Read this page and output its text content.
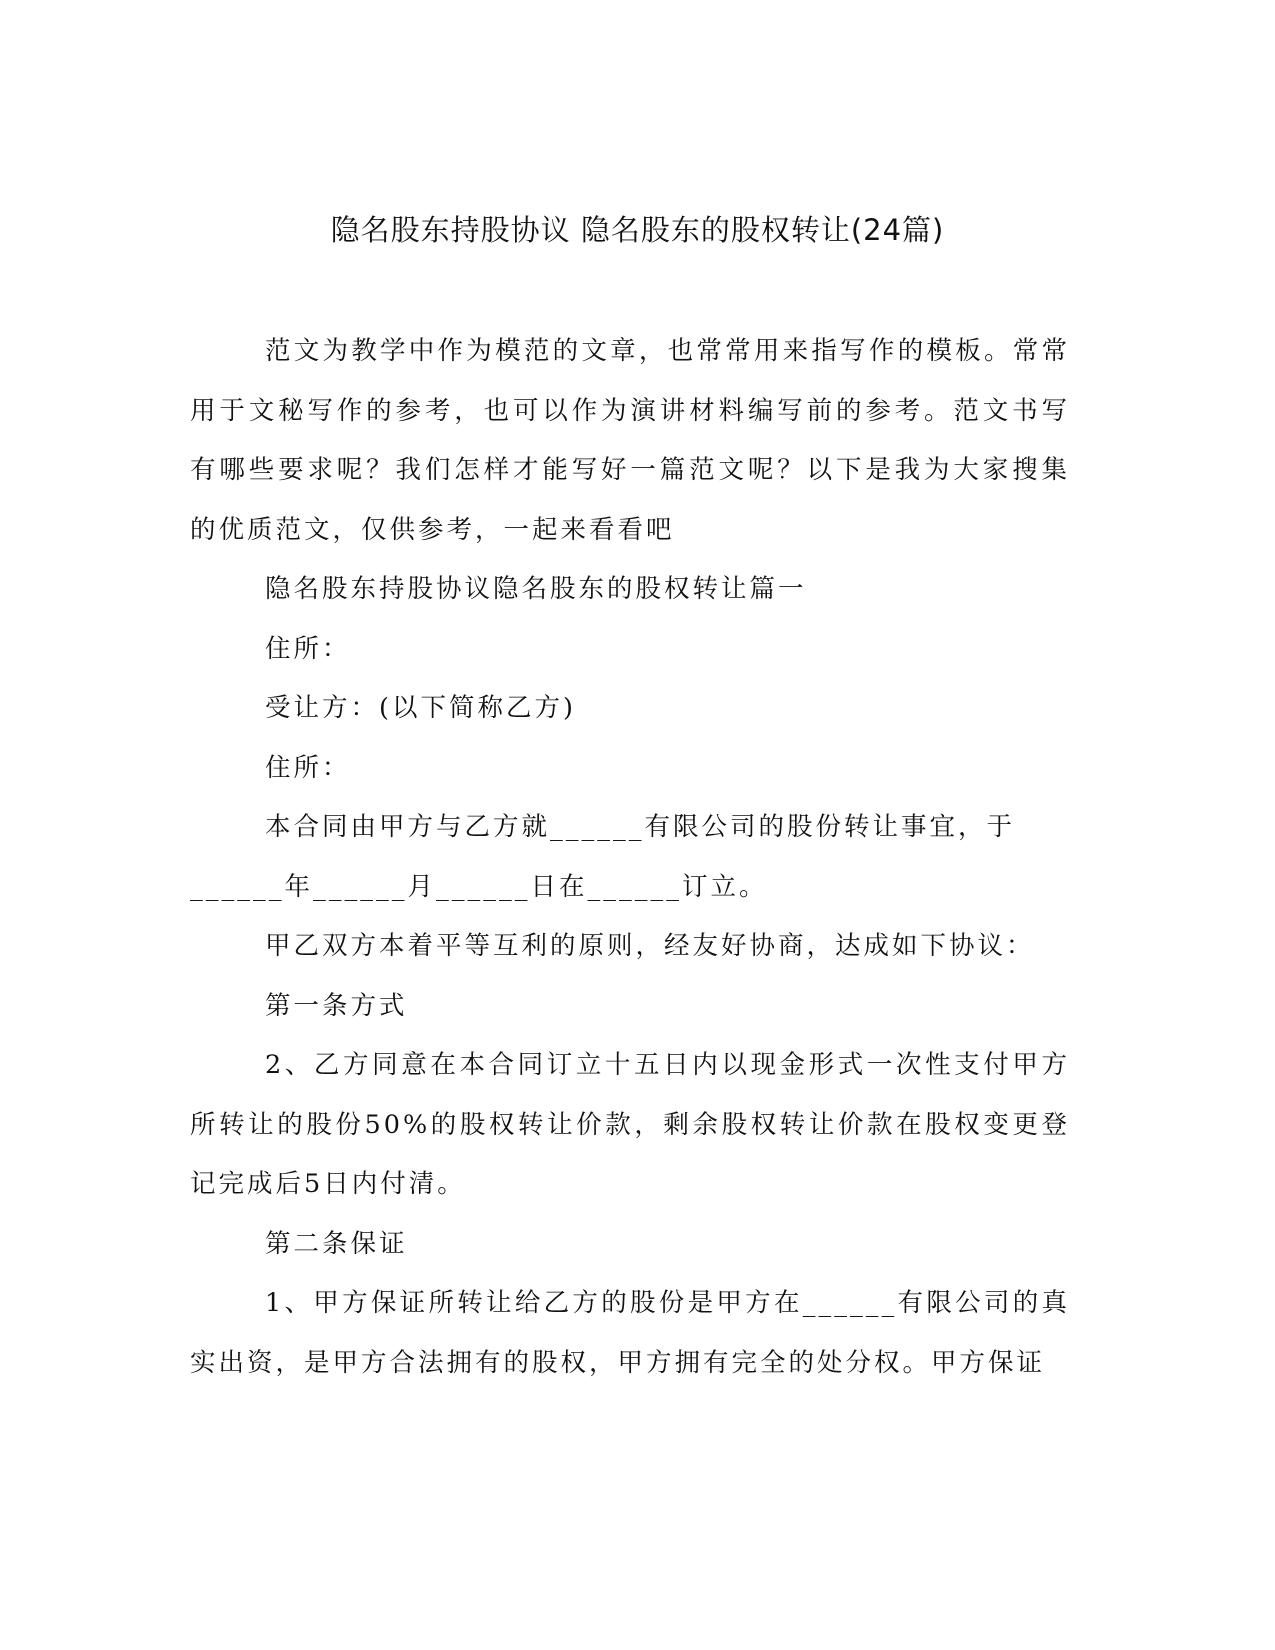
隐名股东持股协议 隐名股东的股权转让(24篇)

范文为教学中作为模范的文章，也常常用来指写作的模板。常常用于文秘写作的参考，也可以作为演讲材料编写前的参考。范文书写有哪些要求呢？我们怎样才能写好一篇范文呢？以下是我为大家搜集的优质范文，仅供参考，一起来看看吧

隐名股东持股协议隐名股东的股权转让篇一

住所：

受让方：(以下简称乙方)

住所：

本合同由甲方与乙方就______有限公司的股份转让事宜，于

______年______月______日在______订立。

甲乙双方本着平等互利的原则，经友好协商，达成如下协议：

第一条方式

2、乙方同意在本合同订立十五日内以现金形式一次性支付甲方所转让的股份50%的股权转让价款，剩余股权转让价款在股权变更登记完成后5日内付清。

第二条保证

1、甲方保证所转让给乙方的股份是甲方在______有限公司的真实出资，是甲方合法拥有的股权，甲方拥有完全的处分权。甲方保证
